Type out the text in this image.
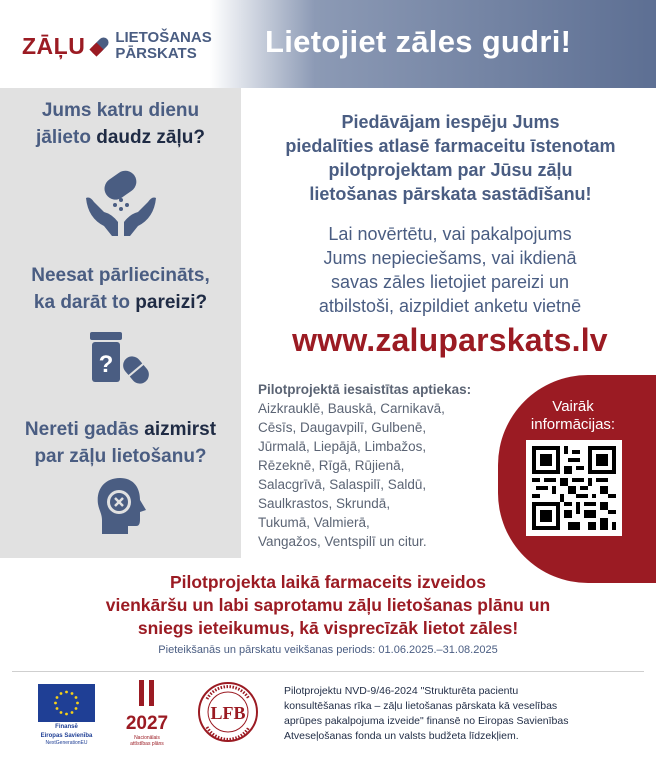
ZĀĻU LIETOŠANAS
PĀRSKATS	Lietojiet zāles gudri!
Jums katru dienu
jālieto daudz zāļu?
Neesat pārliecināts,
ka darāt to pareizi?
?
Nereti gadās aizmirst
par zāļu lietošanu?
Piedāvājam iespēju Jums
piedalīties atlasē farmaceitu īstenotam
pilotprojektam par Jūsu zāļu
lietošanas pārskata sastādīšanu!
Lai novērtētu, vai pakalpojums
Jums nepieciešams, vai ikdienā
savas zāles lietojiet pareizi un
atbilstoši, aizpildiet anketu vietnē
www.zaluparskats.lv
Pilotprojektā iesaistītas aptiekas:
Aizkrauklē, Bauskā, Carnikavā,
Cēsīs, Daugavpilī, Gulbenē,
Jūrmalā, Liepājā, Limbažos,
Rēzeknē, Rīgā, Rūjienā,
Salacgrīvā, Salaspilī, Saldū,
Saulkrastos, Skrundā,
Tukumā, Valmierā,
Vangažos, Ventspilī un citur.
Vairāk
informācijas:
Pilotprojekta laikā farmaceits izveidos
vienkāršu un labi saprotamu zāļu lietošanas plānu un
sniegs ieteikumus, kā visprecīzāk lietot zāles!
Pieteikšanās un pārskatu veikšanas periods: 01.06.2025.–31.08.2025
Finansē
Eiropas Savienība
NextGenerationEU
2027
Nacionālais
attīstības plāns
LFB
Pilotprojektu NVD-9/46-2024 "Strukturēta pacientu
konsultēšanas rīka – zāļu lietošanas pārskata kā veselības
aprūpes pakalpojuma izveide" finansē no Eiropas Savienības
Atveseļošanas fonda un valsts budžeta līdzekļiem.
